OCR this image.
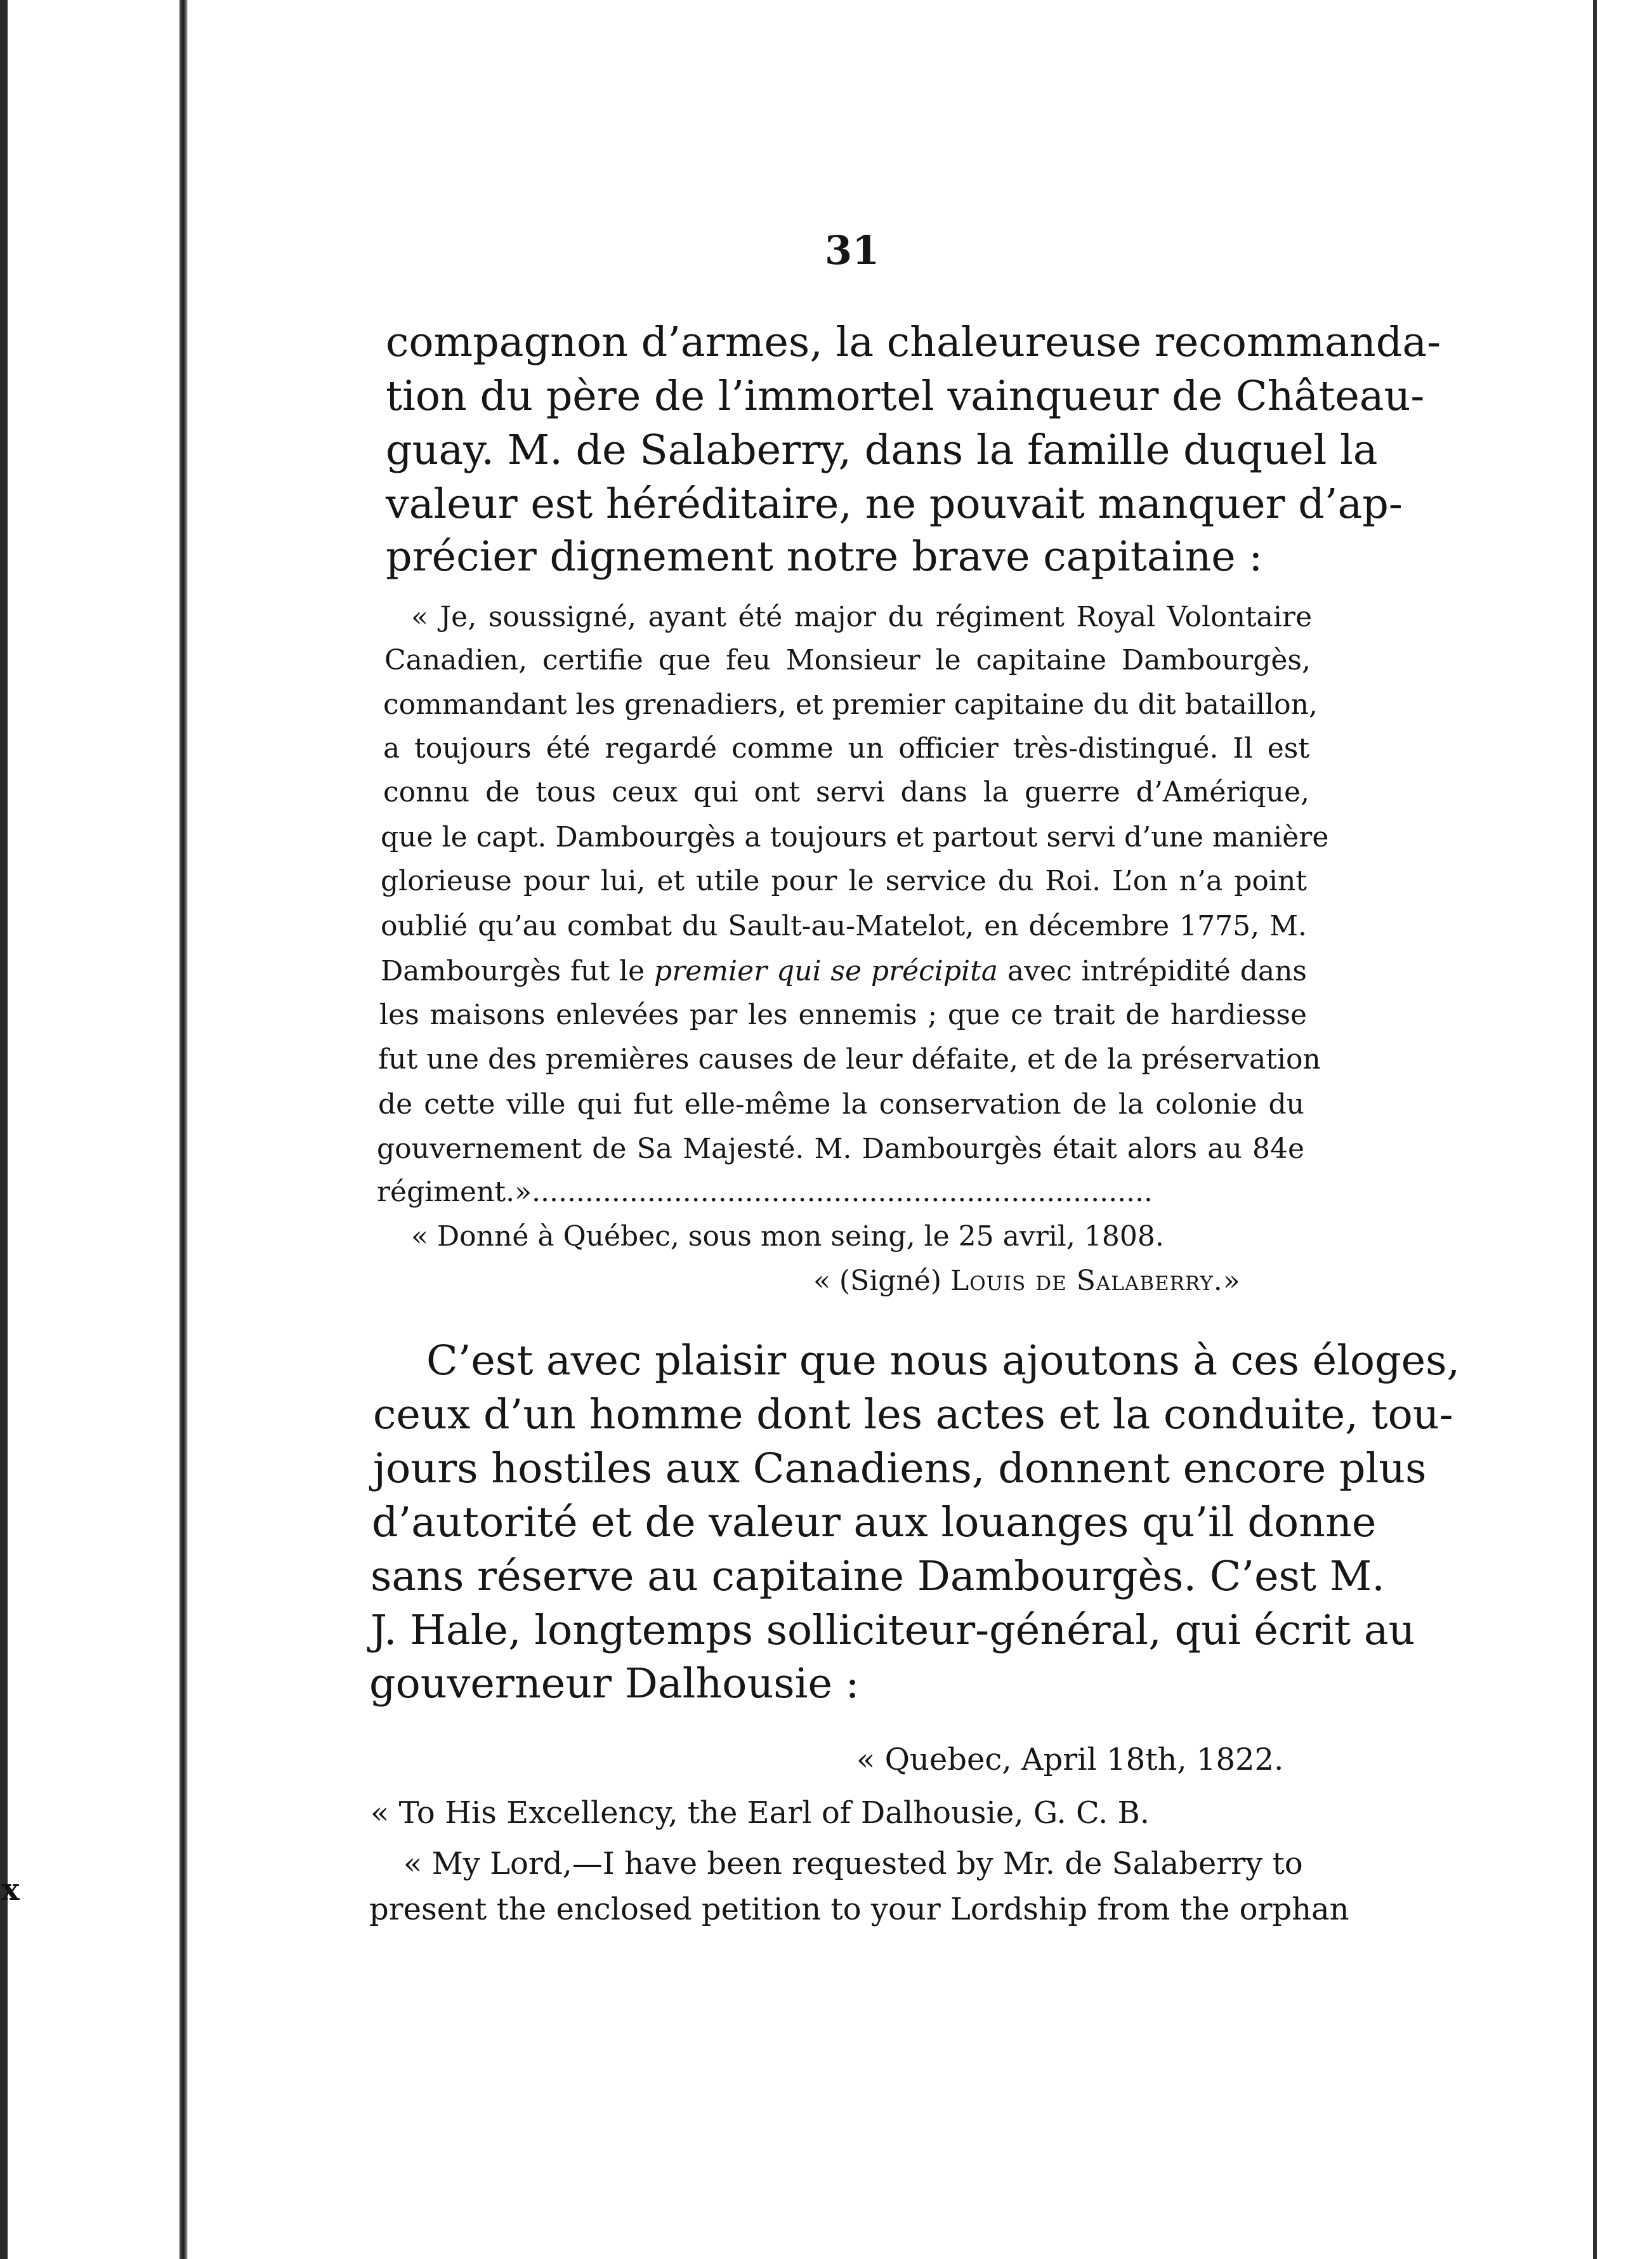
x
31
compagnon d’armes, la chaleureuse recommanda-
tion du père de l’immortel vainqueur de Château-
guay. M. de Salaberry, dans la famille duquel la
valeur est héréditaire, ne pouvait manquer d’ap-
précier dignement notre brave capitaine :
« Je, soussigné, ayant été major du régiment Royal Volontaire
Canadien, certifie que feu Monsieur le capitaine Dambourgès,
commandant les grenadiers, et premier capitaine du dit bataillon,
a toujours été regardé comme un officier très-distingué. Il est
connu de tous ceux qui ont servi dans la guerre d’Amérique,
que le capt. Dambourgès a toujours et partout servi d’une manière
glorieuse pour lui, et utile pour le service du Roi. L’on n’a point
oublié qu’au combat du Sault-au-Matelot, en décembre 1775, M.
Dambourgès fut le premier qui se précipita avec intrépidité dans
les maisons enlevées par les ennemis ; que ce trait de hardiesse
fut une des premières causes de leur défaite, et de la préservation
de cette ville qui fut elle-même la conservation de la colonie du
gouvernement de Sa Majesté. M. Dambourgès était alors au 84e
régiment.»......................................................................
« Donné à Québec, sous mon seing, le 25 avril, 1808.
« (Signé) Louis de Salaberry.»
C’est avec plaisir que nous ajoutons à ces éloges,
ceux d’un homme dont les actes et la conduite, tou-
jours hostiles aux Canadiens, donnent encore plus
d’autorité et de valeur aux louanges qu’il donne
sans réserve au capitaine Dambourgès. C’est M.
J. Hale, longtemps solliciteur-général, qui écrit au
gouverneur Dalhousie :
« Quebec, April 18th, 1822.
« To His Excellency, the Earl of Dalhousie, G. C. B.
« My Lord,—I have been requested by Mr. de Salaberry to
present the enclosed petition to your Lordship from the orphan
